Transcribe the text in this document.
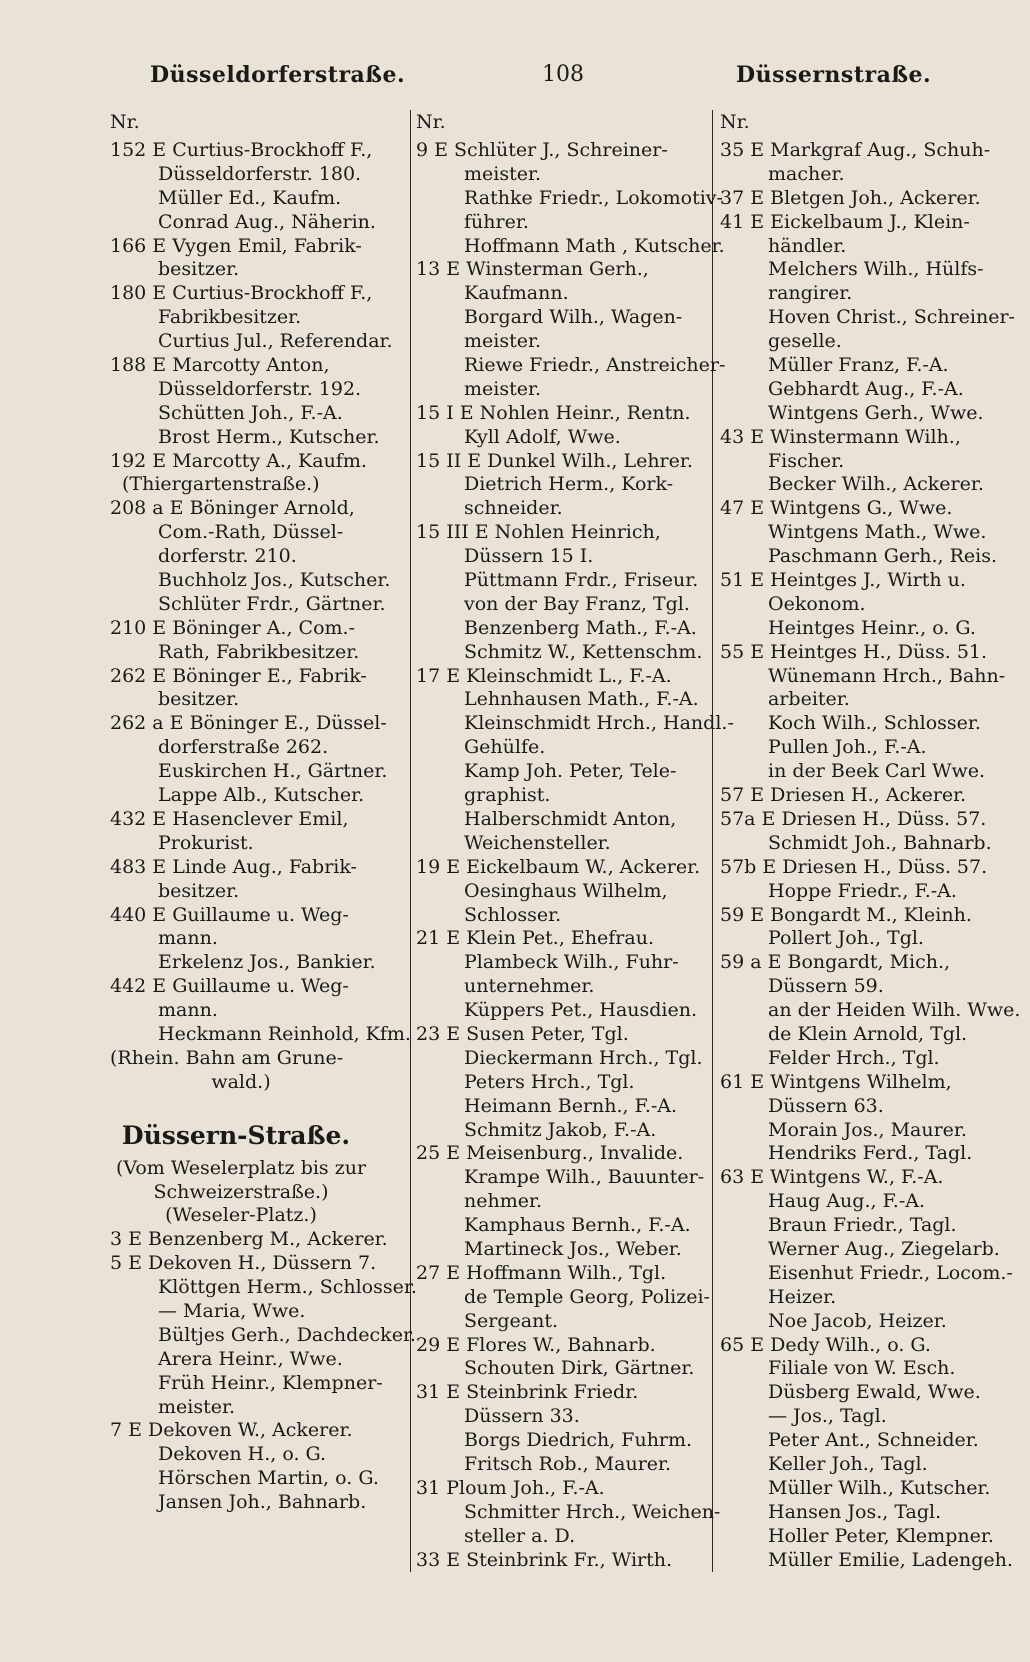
Düsseldorferstraße.	108	Düssernstraße.
Nr.
152 E Curtius-Brockhoff F.,
Düsseldorferstr. 180.
Müller Ed., Kaufm.
Conrad Aug., Näherin.
166 E Vygen Emil, Fabrik-
besitzer.
180 E Curtius-Brockhoff F.,
Fabrikbesitzer.
Curtius Jul., Referendar.
188 E Marcotty Anton,
Düsseldorferstr. 192.
Schütten Joh., F.-A.
Brost Herm., Kutscher.
192 E Marcotty A., Kaufm.
(Thiergartenstraße.)
208 a E Böninger Arnold,
Com.-Rath, Düssel-
dorferstr. 210.
Buchholz Jos., Kutscher.
Schlüter Frdr., Gärtner.
210 E Böninger A., Com.-
Rath, Fabrikbesitzer.
262 E Böninger E., Fabrik-
besitzer.
262 a E Böninger E., Düssel-
dorferstraße 262.
Euskirchen H., Gärtner.
Lappe Alb., Kutscher.
432 E Hasenclever Emil,
Prokurist.
483 E Linde Aug., Fabrik-
besitzer.
440 E Guillaume u. Weg-
mann.
Erkelenz Jos., Bankier.
442 E Guillaume u. Weg-
mann.
Heckmann Reinhold, Kfm.
(Rhein. Bahn am Grune-
wald.)
Düssern-Straße.
(Vom Weselerplatz bis zur
Schweizerstraße.)
(Weseler-Platz.)
3 E Benzenberg M., Ackerer.
5 E Dekoven H., Düssern 7.
Klöttgen Herm., Schlosser.
— Maria, Wwe.
Bültjes Gerh., Dachdecker.
Arera Heinr., Wwe.
Früh Heinr., Klempner-
meister.
7 E Dekoven W., Ackerer.
Dekoven H., o. G.
Hörschen Martin, o. G.
Jansen Joh., Bahnarb.
Nr.
9 E Schlüter J., Schreiner-
meister.
Rathke Friedr., Lokomotiv-
führer.
Hoffmann Math , Kutscher.
13 E Winsterman Gerh.,
Kaufmann.
Borgard Wilh., Wagen-
meister.
Riewe Friedr., Anstreicher-
meister.
15 I E Nohlen Heinr., Rentn.
Kyll Adolf, Wwe.
15 II E Dunkel Wilh., Lehrer.
Dietrich Herm., Kork-
schneider.
15 III E Nohlen Heinrich,
Düssern 15 I.
Püttmann Frdr., Friseur.
von der Bay Franz, Tgl.
Benzenberg Math., F.-A.
Schmitz W., Kettenschm.
17 E Kleinschmidt L., F.-A.
Lehnhausen Math., F.-A.
Kleinschmidt Hrch., Handl.-
Gehülfe.
Kamp Joh. Peter, Tele-
graphist.
Halberschmidt Anton,
Weichensteller.
19 E Eickelbaum W., Ackerer.
Oesinghaus Wilhelm,
Schlosser.
21 E Klein Pet., Ehefrau.
Plambeck Wilh., Fuhr-
unternehmer.
Küppers Pet., Hausdien.
23 E Susen Peter, Tgl.
Dieckermann Hrch., Tgl.
Peters Hrch., Tgl.
Heimann Bernh., F.-A.
Schmitz Jakob, F.-A.
25 E Meisenburg., Invalide.
Krampe Wilh., Bauunter-
nehmer.
Kamphaus Bernh., F.-A.
Martineck Jos., Weber.
27 E Hoffmann Wilh., Tgl.
de Temple Georg, Polizei-
Sergeant.
29 E Flores W., Bahnarb.
Schouten Dirk, Gärtner.
31 E Steinbrink Friedr.
Düssern 33.
Borgs Diedrich, Fuhrm.
Fritsch Rob., Maurer.
31 Ploum Joh., F.-A.
Schmitter Hrch., Weichen-
steller a. D.
33 E Steinbrink Fr., Wirth.
Nr.
35 E Markgraf Aug., Schuh-
macher.
37 E Bletgen Joh., Ackerer.
41 E Eickelbaum J., Klein-
händler.
Melchers Wilh., Hülfs-
rangirer.
Hoven Christ., Schreiner-
geselle.
Müller Franz, F.-A.
Gebhardt Aug., F.-A.
Wintgens Gerh., Wwe.
43 E Winstermann Wilh.,
Fischer.
Becker Wilh., Ackerer.
47 E Wintgens G., Wwe.
Wintgens Math., Wwe.
Paschmann Gerh., Reis.
51 E Heintges J., Wirth u.
Oekonom.
Heintges Heinr., o. G.
55 E Heintges H., Düss. 51.
Wünemann Hrch., Bahn-
arbeiter.
Koch Wilh., Schlosser.
Pullen Joh., F.-A.
in der Beek Carl Wwe.
57 E Driesen H., Ackerer.
57a E Driesen H., Düss. 57.
Schmidt Joh., Bahnarb.
57b E Driesen H., Düss. 57.
Hoppe Friedr., F.-A.
59 E Bongardt M., Kleinh.
Pollert Joh., Tgl.
59 a E Bongardt, Mich.,
Düssern 59.
an der Heiden Wilh. Wwe.
de Klein Arnold, Tgl.
Felder Hrch., Tgl.
61 E Wintgens Wilhelm,
Düssern 63.
Morain Jos., Maurer.
Hendriks Ferd., Tagl.
63 E Wintgens W., F.-A.
Haug Aug., F.-A.
Braun Friedr., Tagl.
Werner Aug., Ziegelarb.
Eisenhut Friedr., Locom.-
Heizer.
Noe Jacob, Heizer.
65 E Dedy Wilh., o. G.
Filiale von W. Esch.
Düsberg Ewald, Wwe.
— Jos., Tagl.
Peter Ant., Schneider.
Keller Joh., Tagl.
Müller Wilh., Kutscher.
Hansen Jos., Tagl.
Holler Peter, Klempner.
Müller Emilie, Ladengeh.
